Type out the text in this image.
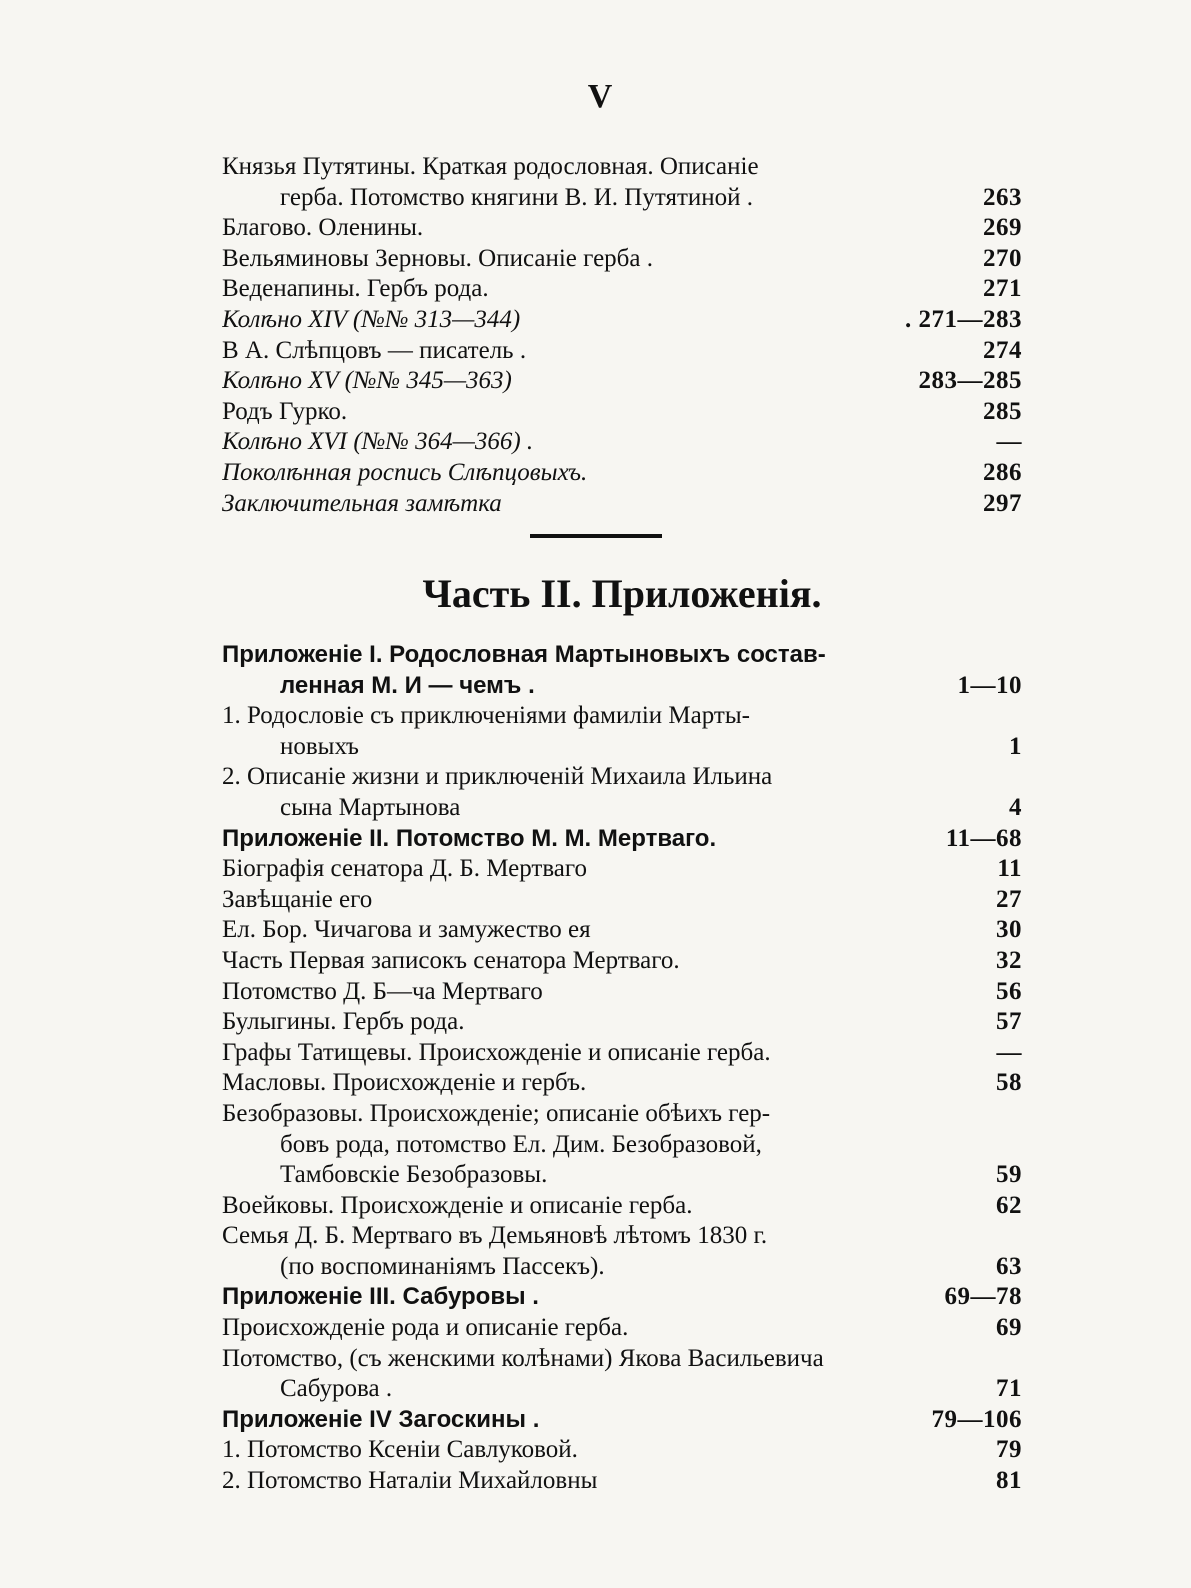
V
Князья Путятины. Краткая родословная. Описаніе
герба. Потомство княгини В. И. Путятиной .	263
Благово. Оленины.	269
Вельяминовы Зерновы. Описаніе герба .	270
Веденапины. Гербъ рода.	271
Колѣно XIV (№№ 313—344)	. 271—283
В А. Слѣпцовъ — писатель .	274
Колѣно XV (№№ 345—363)	283—285
Родъ Гурко.	285
Колѣно XVI (№№ 364—366) .	—
Поколѣнная роспись Слѣпцовыхъ.	286
Заключительная замѣтка	297
Часть II. Приложенія.
Приложеніе I. Родословная Мартыновыхъ состав-
ленная М. И — чемъ .	1—10
1. Родословіе съ приключеніями фамиліи Марты-
новыхъ	1
2. Описаніе жизни и приключеній Михаила Ильина
сына Мартынова	4
Приложеніе II. Потомство М. М. Мертваго.	11—68
Біографія сенатора Д. Б. Мертваго	11
Завѣщаніе его	27
Ел. Бор. Чичагова и замужество ея	30
Часть Первая записокъ сенатора Мертваго.	32
Потомство Д. Б—ча Мертваго	56
Булыгины. Гербъ рода.	57
Графы Татищевы. Происхожденіе и описаніе герба.	—
Масловы. Происхожденіе и гербъ.	58
Безобразовы. Происхожденіе; описаніе обѣихъ гер-
бовъ рода, потомство Ел. Дим. Безобразовой,
Тамбовскіе Безобразовы.	59
Воейковы. Происхожденіе и описаніе герба.	62
Семья Д. Б. Мертваго въ Демьяновѣ лѣтомъ 1830 г.
(по воспоминаніямъ Пассекъ).	63
Приложеніе III. Сабуровы .	69—78
Происхожденіе рода и описаніе герба.	69
Потомство, (съ женскими колѣнами) Якова Васильевича
Сабурова .	71
Приложеніе IV Загоскины .	79—106
1. Потомство Ксеніи Савлуковой.	79
2. Потомство Наталіи Михайловны	81
